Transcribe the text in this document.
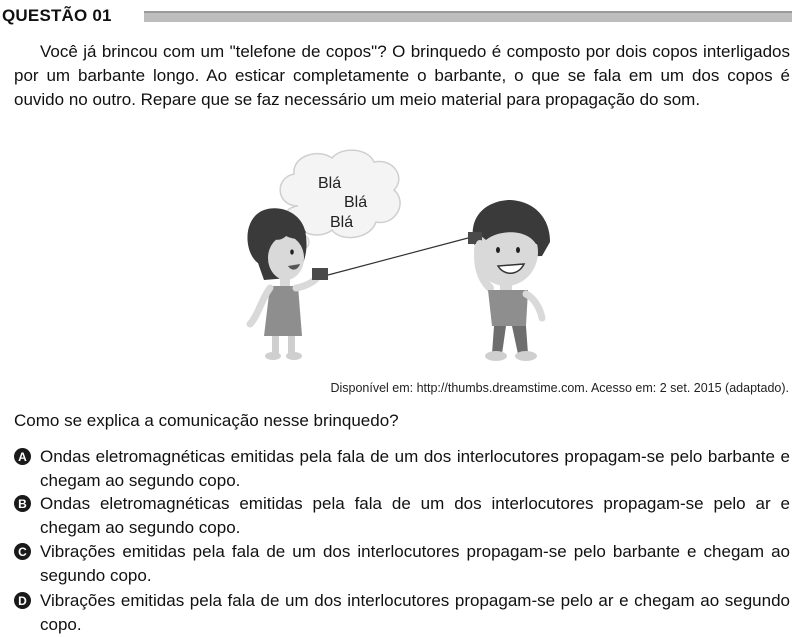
QUESTÃO 01
Você já brincou com um "telefone de copos"? O brinquedo é composto por dois copos interligados por um barbante longo. Ao esticar completamente o barbante, o que se fala em um dos copos é ouvido no outro. Repare que se faz necessário um meio material para propagação do som.
Blá
Blá
Blá
Disponível em: http://thumbs.dreamstime.com. Acesso em: 2 set. 2015 (adaptado).
Como se explica a comunicação nesse brinquedo?
A Ondas eletromagnéticas emitidas pela fala de um dos interlocutores propagam-se pelo barbante e chegam ao segundo copo.
B Ondas eletromagnéticas emitidas pela fala de um dos interlocutores propagam-se pelo ar e chegam ao segundo copo.
C Vibrações emitidas pela fala de um dos interlocutores propagam-se pelo barbante e chegam ao segundo copo.
D Vibrações emitidas pela fala de um dos interlocutores propagam-se pelo ar e chegam ao segundo copo.
